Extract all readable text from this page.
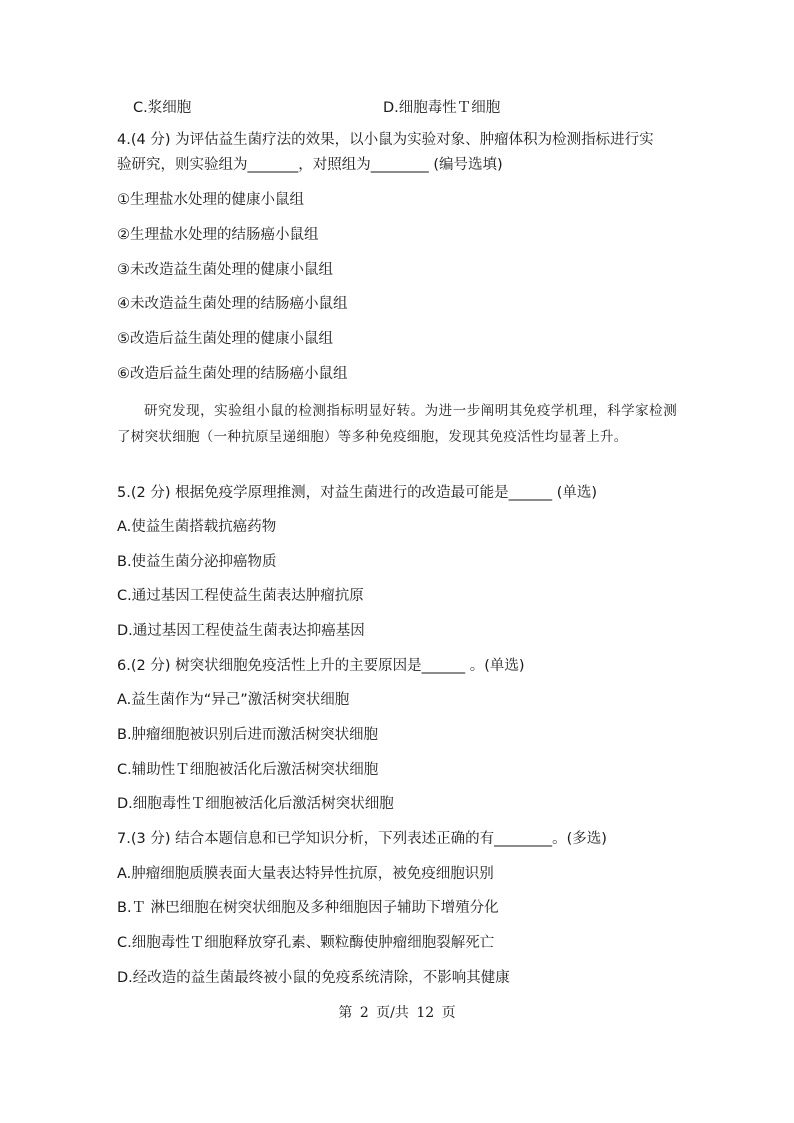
C.浆细胞	D.细胞毒性Ｔ细胞
4.(4 分) 为评估益生菌疗法的效果，以小鼠为实验对象、肿瘤体积为检测指标进行实
验研究，则实验组为_______，对照组为________ (编号选填)
①生理盐水处理的健康小鼠组
②生理盐水处理的结肠癌小鼠组
③未改造益生菌处理的健康小鼠组
④未改造益生菌处理的结肠癌小鼠组
⑤改造后益生菌处理的健康小鼠组
⑥改造后益生菌处理的结肠癌小鼠组
研究发现，实验组小鼠的检测指标明显好转。为进一步阐明其免疫学机理，科学家检测了树突状细胞（一种抗原呈递细胞）等多种免疫细胞，发现其免疫活性均显著上升。
5.(2 分) 根据免疫学原理推测，对益生菌进行的改造最可能是______ (单选)
A.使益生菌搭载抗癌药物
B.使益生菌分泌抑癌物质
C.通过基因工程使益生菌表达肿瘤抗原
D.通过基因工程使益生菌表达抑癌基因
6.(2 分) 树突状细胞免疫活性上升的主要原因是______ 。(单选)
A.益生菌作为“异己”激活树突状细胞
B.肿瘤细胞被识别后进而激活树突状细胞
C.辅助性Ｔ细胞被活化后激活树突状细胞
D.细胞毒性Ｔ细胞被活化后激活树突状细胞
7.(3 分) 结合本题信息和已学知识分析，下列表述正确的有________。(多选)
A.肿瘤细胞质膜表面大量表达特异性抗原，被免疫细胞识别
B.Ｔ 淋巴细胞在树突状细胞及多种细胞因子辅助下增殖分化
C.细胞毒性Ｔ细胞释放穿孔素、颗粒酶使肿瘤细胞裂解死亡
D.经改造的益生菌最终被小鼠的免疫系统清除，不影响其健康
第 2 页/共 12 页
